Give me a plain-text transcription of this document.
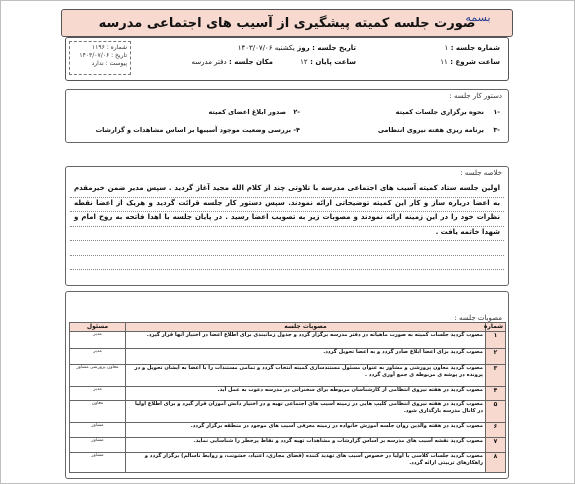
صورت جلسه کمیته پیشگیری از آسیب های اجتماعی مدرسه
بسمه
شماره جلسه : ۱
تاریخ جلسه : روز یکشنبه ۱۴۰۳/۰۷/۰۶
ساعت شروع : ۱۱
ساعت پایان : ۱۲
مکان جلسه : دفتر مدرسه
شماره : ۱۱۹۶
تاریخ : ۱۴۰۳/۰۷/۰۶
پیوست : ندارد
دستور کار جلسه :
۱-
نحوه برگزاری جلسات کمیته
۲-
صدور ابلاغ اعضای کمیته
۳-
برنامه ریزی هفته نیروی انتظامی
۴- بررسی وضعیت موجود آسیبها بر اساس مشاهدات و گزارشات
خلاصه جلسه :
اولین جلسه ستاد کمیته آسیب های اجتماعی مدرسه با تلاوتی چند از کلام الله مجید آغاز گردید . سپس مدیر ضمن خیرمقدم به اعضا درباره ساز و کار این کمیته توضیحاتی ارائه نمودند. سپس دستور کار جلسه قرائت گردید و هریک از اعضا نقطه نظرات خود را در این زمینه ارائه نمودند و مصوبات زیر به تصویب اعضا رسید . در پایان جلسه با اهدا فاتحه به روح امام و شهدا خاتمه یافت .
مصوبات جلسه :
شماره	مصوبات جلسه	مسئول
۱	مصوب گردید جلسات کمیته به صورت ماهیانه در دفتر مدرسه برگزار گردد و جدول زمانبندی برای اطلاع اعضا در اختیار آنها قرار گیرد.	مدیر
۲	مصوب گردید برای اعضا ابلاغ صادر گردد و به اعضا تحویل گردد.	مدیر
۳	مصوب گردید معاون پرورشی و مشاور به عنوان مسئول مستندسازی کمیته انتخاب گردد و تمامی مستندات را با اعضا به ایشان تحویل و در پرونده در پوشه ی مربوطه ی جمع آوری گردد .	معاون پرورشی مشاور
۴	مصوب گردید در هفته نیروی انتظامی از کارشناسان مربوطه برای سخنرانی در مدرسه دعوت به عمل آید.	مدیر
۵	مصوب گردید در هفته نیروی انتظامی کلیپ هایی در زمینه آسیب های اجتماعی تهیه و در اختیار دانش آموزان قرار گیرد و برای اطلاع اولیا در کانال مدرسه بارگذاری شود.	معاون
۶	مصوب گردید در هفته والدین روان جلسه آموزش خانواده در زمینه معرفی آسیب های موجود در منطقه برگزار گردد.	مشاور
۷	مصوب گردید نقشه آسیب های مدرسه بر اساس گزارشات و مشاهدات تهیه گردد و نقاط پرخطر را شناسایی نماید.	مشاور
۸	مصوب گردید جلسات کلاسی با اولیا در خصوص آسیب های تهدید کننده (فضای مجازی، اعتیاد، خشونت، و روابط ناسالم) برگزار گردد و راهکارهای تربیتی ارائه گردد.	مشاور
